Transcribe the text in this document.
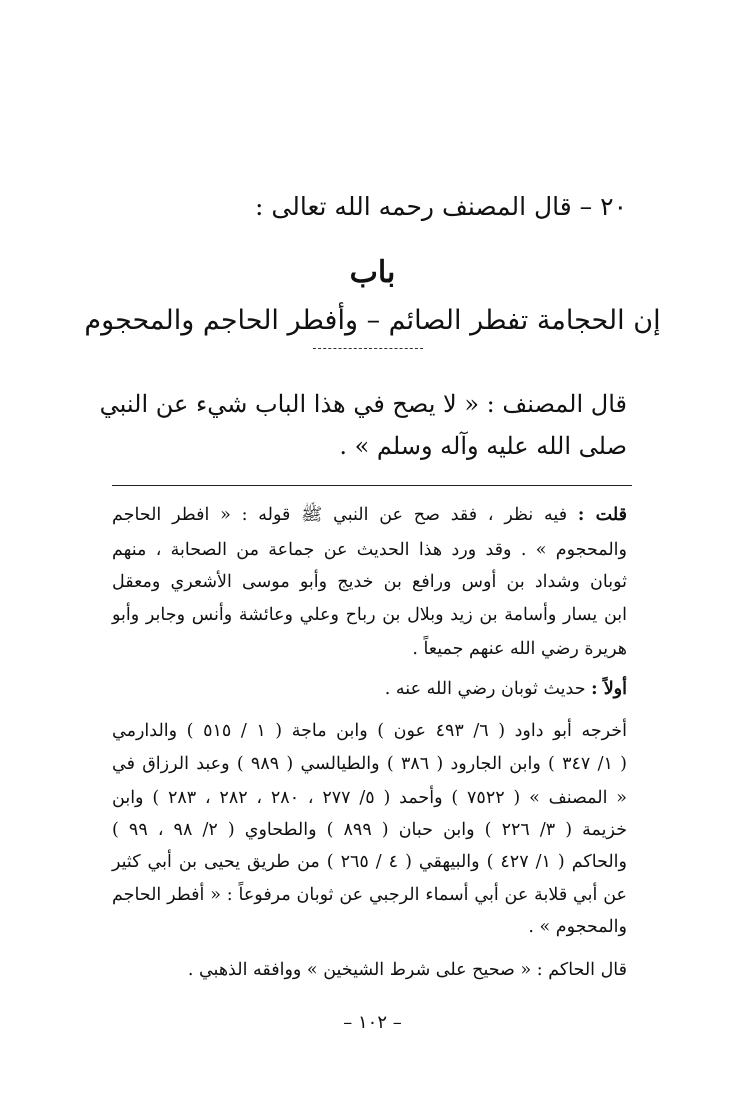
٢٠ – قال المصنف رحمه الله تعالى :
باب
إن الحجامة تفطر الصائم – وأفطر الحاجم والمحجوم
قال المصنف : « لا يصح في هذا الباب شيء عن النبي
صلى الله عليه وآله وسلم » .
قلت : فيه نظر ، فقد صح عن النبي ﷺ قوله : « افطر الحاجم
والمحجوم » . وقد ورد هذا الحديث عن جماعة من الصحابة ، منهم
ثوبان وشداد بن أوس ورافع بن خديج وأبو موسى الأشعري ومعقل
ابن يسار وأسامة بن زيد وبلال بن رباح وعلي وعائشة وأنس وجابر وأبو
هريرة رضي الله عنهم جميعاً .
أولاً : حديث ثوبان رضي الله عنه .
أخرجه أبو داود ( ٦/ ٤٩٣ عون ) وابن ماجة ( ١ / ٥١٥ ) والدارمي
( ١/ ٣٤٧ ) وابن الجارود ( ٣٨٦ ) والطيالسي ( ٩٨٩ ) وعبد الرزاق في
« المصنف » ( ٧٥٢٢ ) وأحمد ( ٥/ ٢٧٧ ، ٢٨٠ ، ٢٨٢ ، ٢٨٣ ) وابن
خزيمة ( ٣/ ٢٢٦ ) وابن حبان ( ٨٩٩ ) والطحاوي ( ٢/ ٩٨ ، ٩٩ )
والحاكم ( ١/ ٤٢٧ ) والبيهقي ( ٤ / ٢٦٥ ) من طريق يحيى بن أبي كثير
عن أبي قلابة عن أبي أسماء الرجبي عن ثوبان مرفوعاً : « أفطر الحاجم
والمحجوم » .
قال الحاكم : « صحيح على شرط الشيخين » ووافقه الذهبي .
– ١٠٢ –
